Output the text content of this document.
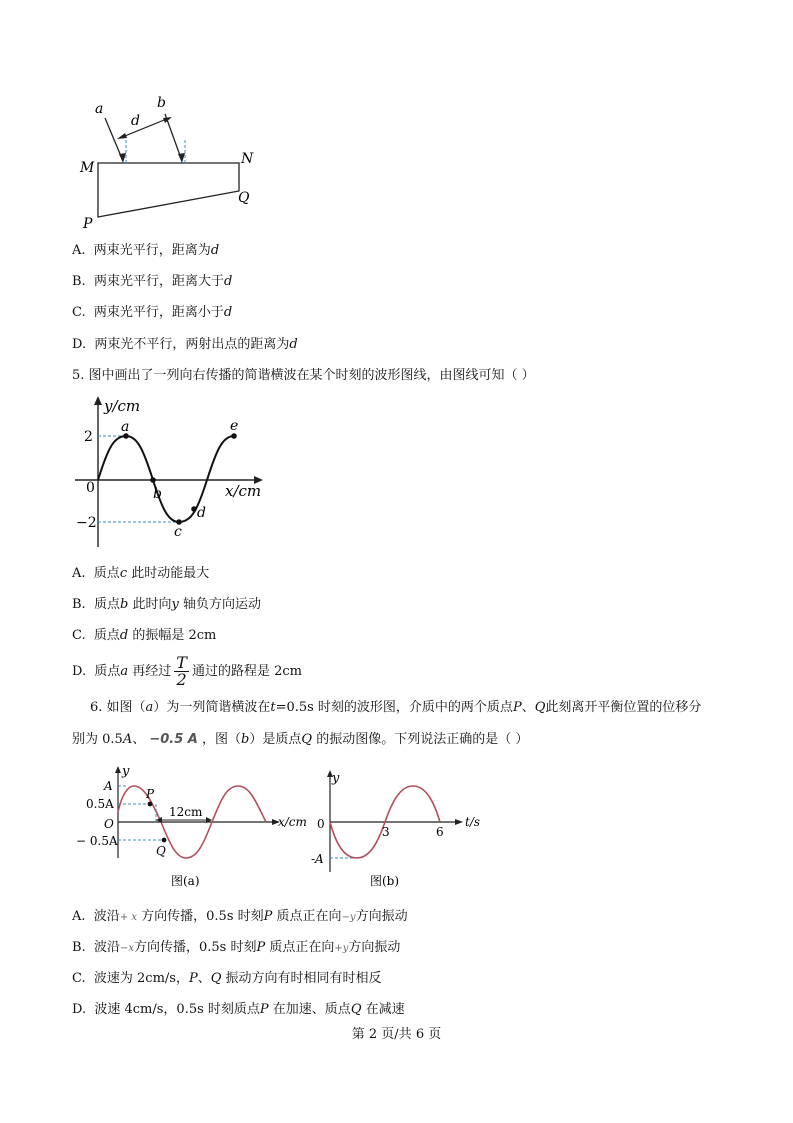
a	b
d
M
N
P
Q
A. 两束光平行，距离为d
B. 两束光平行，距离大于d
C. 两束光平行，距离小于d
D. 两束光不平行，两射出点的距离为d
5. 图中画出了一列向右传播的简谐横波在某个时刻的波形图线，由图线可知（ ）
y/cm
x/cm
0
2
−2
a
b
c
d
e
A. 质点c 此时动能最大
B. 质点b 此时向y 轴负方向运动
C. 质点d 的振幅是 2cm
D. 质点a 再经过 $\frac{T}{2}$ 通过的路程是 2cm
6. 如图（a）为一列简谐横波在t=0.5s 时刻的波形图，介质中的两个质点P、Q此刻离开平衡位置的位移分
别为 0.5A、 −0.5 A ，图（b）是质点Q 的振动图像。下列说法正确的是（ ）
y
A
0.5A
O
− 0.5A
P
Q
12cm
x/cm
图(a)
y
0
-A
3	6
t/s
图(b)
A. 波沿+ x 方向传播，0.5s 时刻P 质点正在向−y方向振动
B. 波沿−x方向传播，0.5s 时刻P 质点正在向+y方向振动
C. 波速为 2cm/s，P、Q 振动方向有时相同有时相反
D. 波速 4cm/s，0.5s 时刻质点P 在加速、质点Q 在减速
第 2 页/共 6 页
